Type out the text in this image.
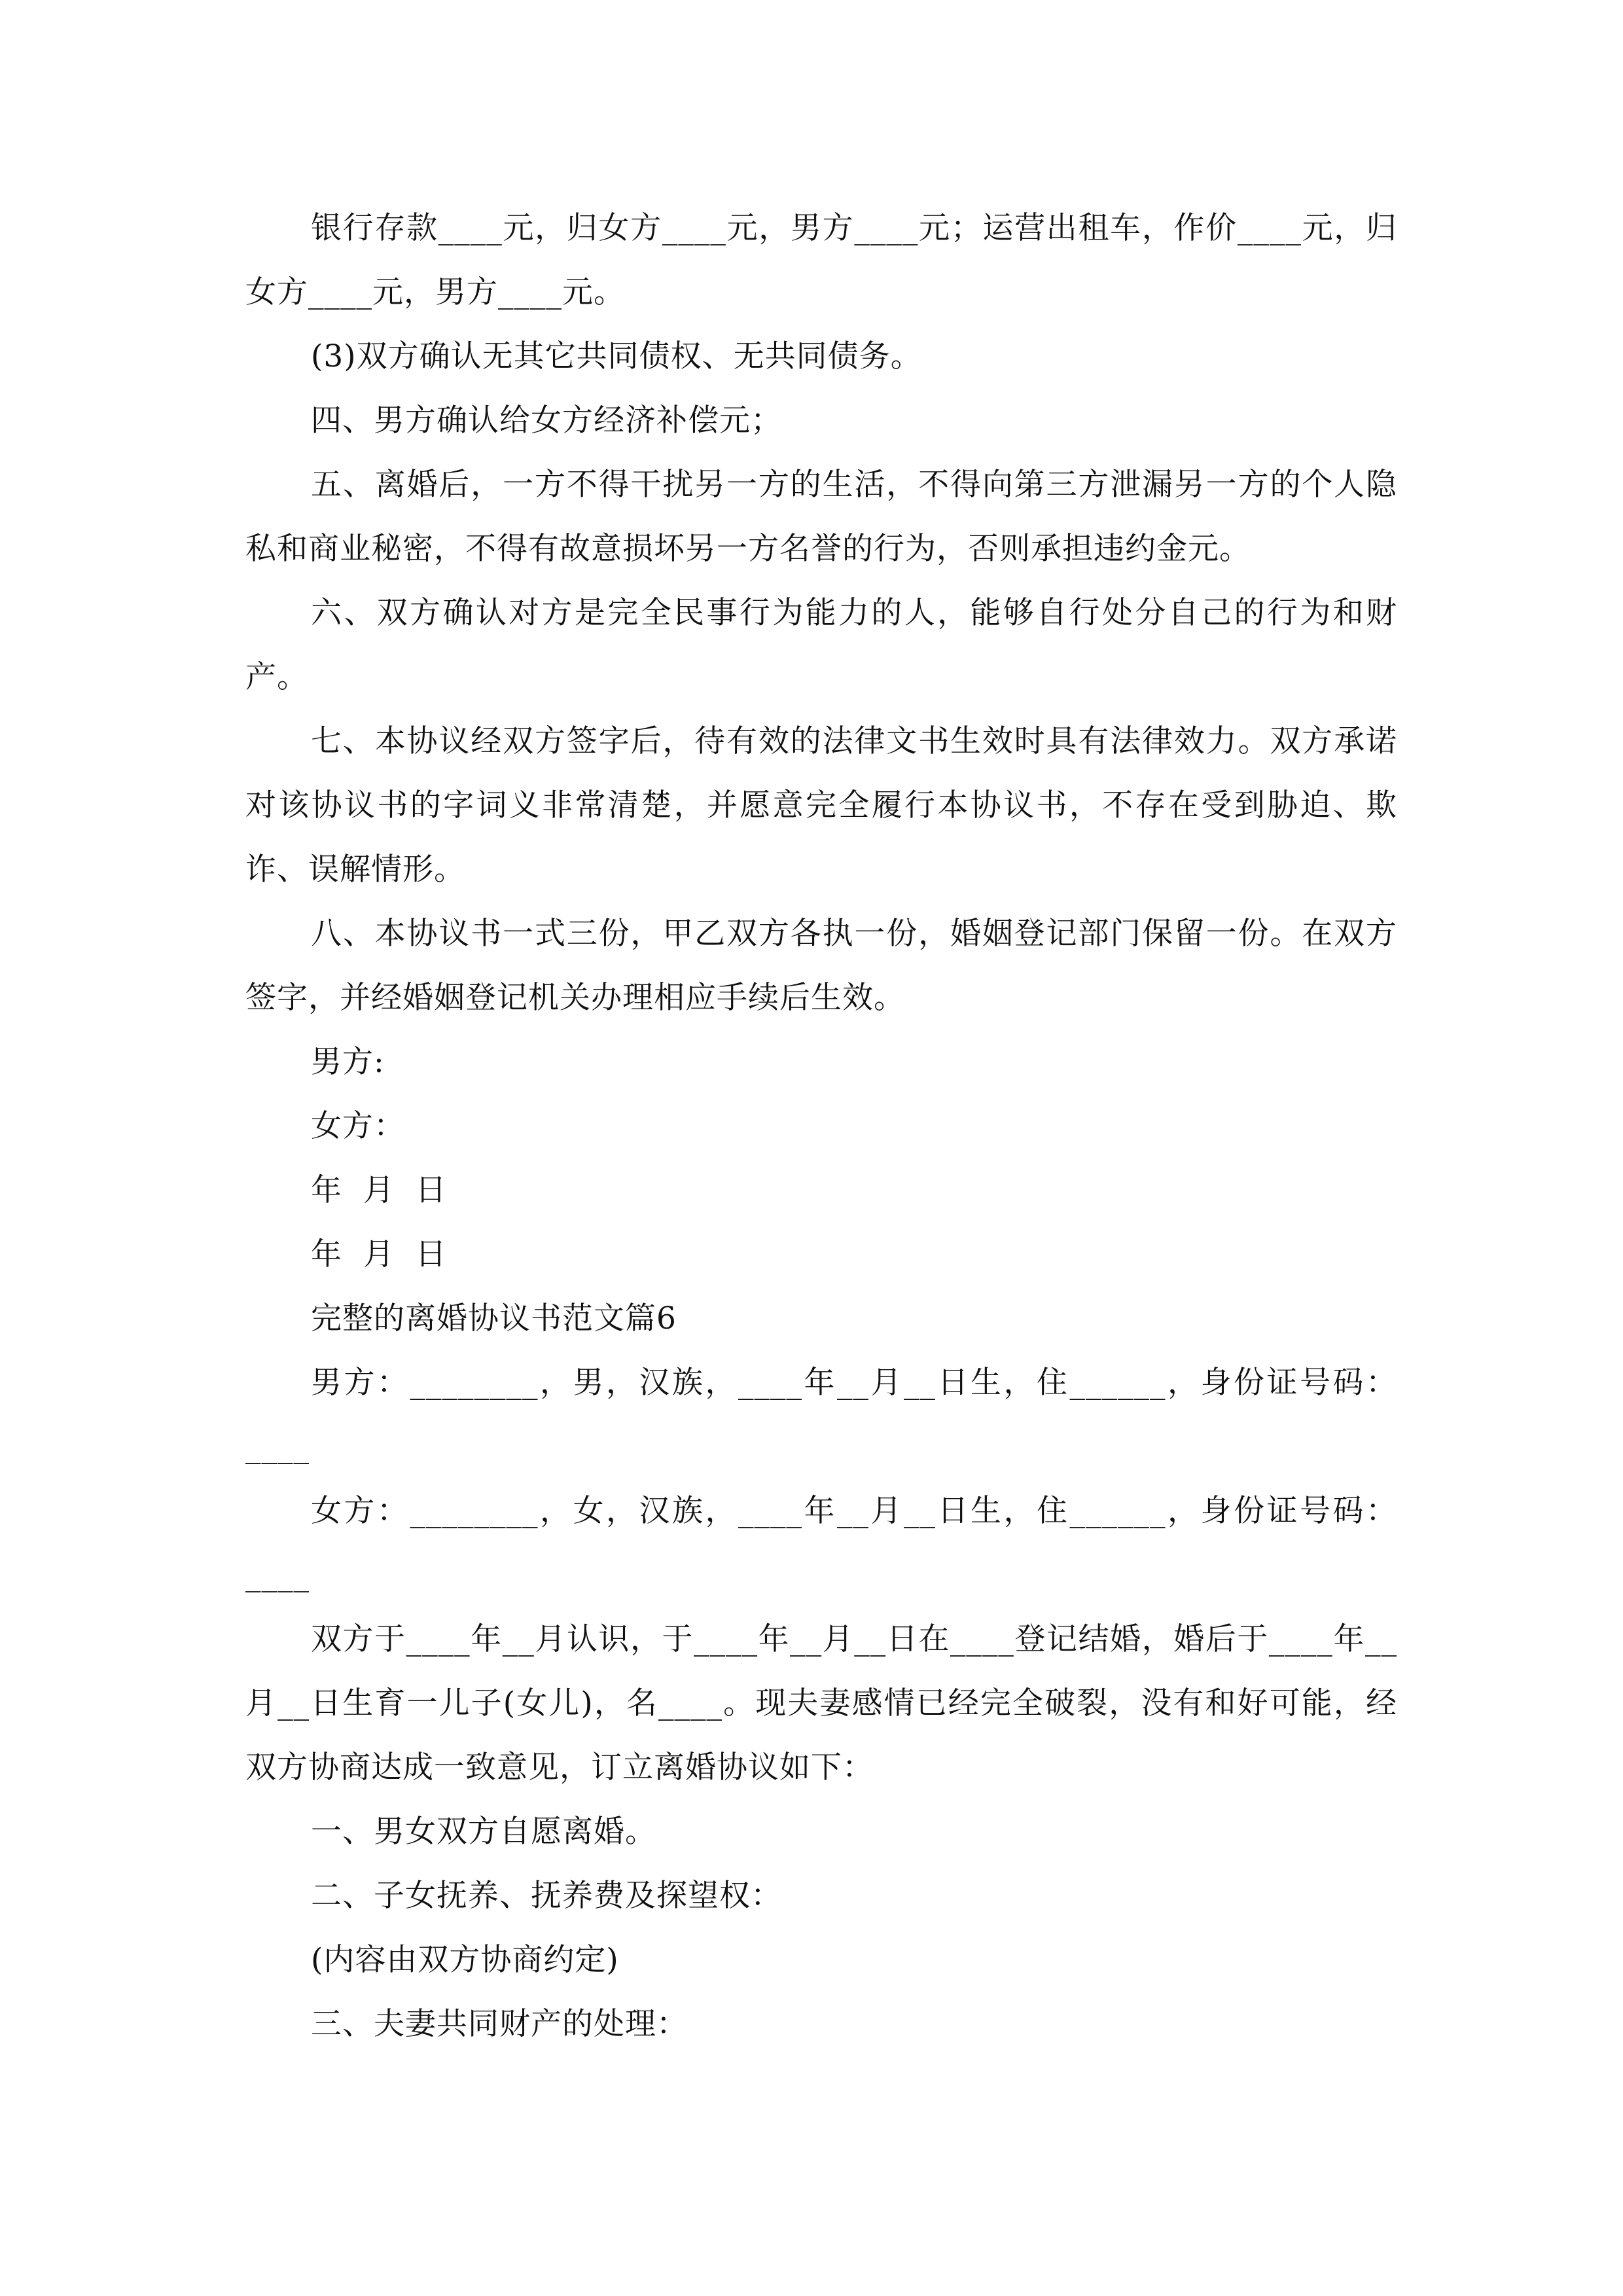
银行存款____元，归女方____元，男方____元；运营出租车，作价____元，归女方____元，男方____元。

(3)双方确认无其它共同债权、无共同债务。

四、男方确认给女方经济补偿元；

五、离婚后，一方不得干扰另一方的生活，不得向第三方泄漏另一方的个人隐私和商业秘密，不得有故意损坏另一方名誉的行为，否则承担违约金元。

六、双方确认对方是完全民事行为能力的人，能够自行处分自己的行为和财产。

七、本协议经双方签字后，待有效的法律文书生效时具有法律效力。双方承诺对该协议书的字词义非常清楚，并愿意完全履行本协议书，不存在受到胁迫、欺诈、误解情形。

八、本协议书一式三份，甲乙双方各执一份，婚姻登记部门保留一份。在双方签字，并经婚姻登记机关办理相应手续后生效。

男方:

女方：

年  月  日

年  月  日

完整的离婚协议书范文篇6

男方：________，男，汉族，____年__月__日生，住______，身份证号码：____

女方：________，女，汉族，____年__月__日生，住______，身份证号码：____

双方于____年__月认识，于____年__月__日在____登记结婚，婚后于____年__月__日生育一儿子(女儿)，名____。现夫妻感情已经完全破裂，没有和好可能，经双方协商达成一致意见，订立离婚协议如下：

一、男女双方自愿离婚。

二、子女抚养、抚养费及探望权：

(内容由双方协商约定)

三、夫妻共同财产的处理：
